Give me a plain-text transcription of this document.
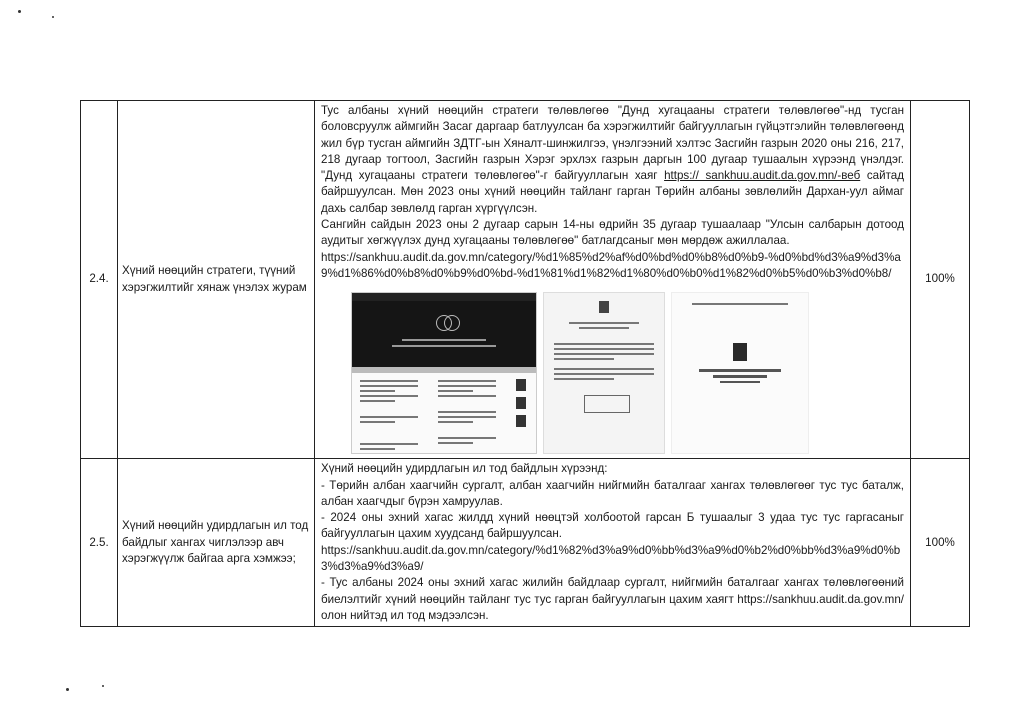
2.4.	Хүний нөөцийн стратеги, түүний хэрэгжилтийг хянаж үнэлэх журам	Тус албаны хүний нөөцийн стратеги төлөвлөгөө "Дунд хугацааны стратеги төлөвлөгөө"-нд тусган боловсруулж аймгийн Засаг даргаар батлуулсан ба хэрэгжилтийг байгууллагын гүйцэтгэлийн төлөвлөгөөнд жил бүр тусган аймгийн ЗДТГ-ын Хяналт-шинжилгээ, үнэлгээний хэлтэс Засгийн газрын 2020 оны 216, 217, 218 дугаар тогтоол, Засгийн газрын Хэрэг эрхлэх газрын даргын 100 дугаар тушаалын хүрээнд үнэлдэг. "Дунд хугацааны стратеги төлөвлөгөө"-г байгууллагын хаяг https:// sankhuu.audit.da.gov.mn/-веб сайтад байршуулсан. Мөн 2023 оны хүний нөөцийн тайланг гарган Төрийн албаны зөвлөлийн Дархан-уул аймаг дахь салбар зөвлөлд гарган хүргүүлсэн.

Сангийн сайдын 2023 оны 2 дугаар сарын 14-ны өдрийн 35 дугаар тушаалаар "Улсын салбарын дотоод аудитыг хөгжүүлэх дунд хугацааны төлөвлөгөө" батлагдсаныг мөн мөрдөж ажиллалаа.

https://sankhuu.audit.da.gov.mn/category/%d1%85%d2%af%d0%bd%d0%b8%d0%b9-%d0%bd%d3%a9%d3%a9%d1%86%d0%b8%d0%b9%d0%bd-%d1%81%d1%82%d1%80%d0%b0%d1%82%d0%b5%d0%b3%d0%b8/	100%
2.5.	Хүний нөөцийн удирдлагын ил тод байдлыг хангах чиглэлээр авч хэрэгжүүлж байгаа арга хэмжээ;	Хүний нөөцийн удирдлагын ил тод байдлын хүрээнд:

- Төрийн албан хаагчийн сургалт, албан хаагчийн нийгмийн баталгааг хангах төлөвлөгөөг тус тус баталж, албан хаагчдыг бүрэн хамруулав.

- 2024 оны эхний хагас жилдд хүний нөөцтэй холбоотой гарсан Б тушаалыг 3 удаа тус тус гаргасаныг байгууллагын цахим хуудсанд байршуулсан.

https://sankhuu.audit.da.gov.mn/category/%d1%82%d3%a9%d0%bb%d3%a9%d0%b2%d0%bb%d3%a9%d0%b3%d3%a9%d3%a9/

- Тус албаны 2024 оны эхний хагас жилийн байдлаар сургалт, нийгмийн баталгааг хангах төлөвлөгөөний биелэлтийг хүний нөөцийн тайланг тус тус гарган байгууллагын цахим хаягт https://sankhuu.audit.da.gov.mn/ олон нийтэд ил тод мэдээлсэн.	100%
